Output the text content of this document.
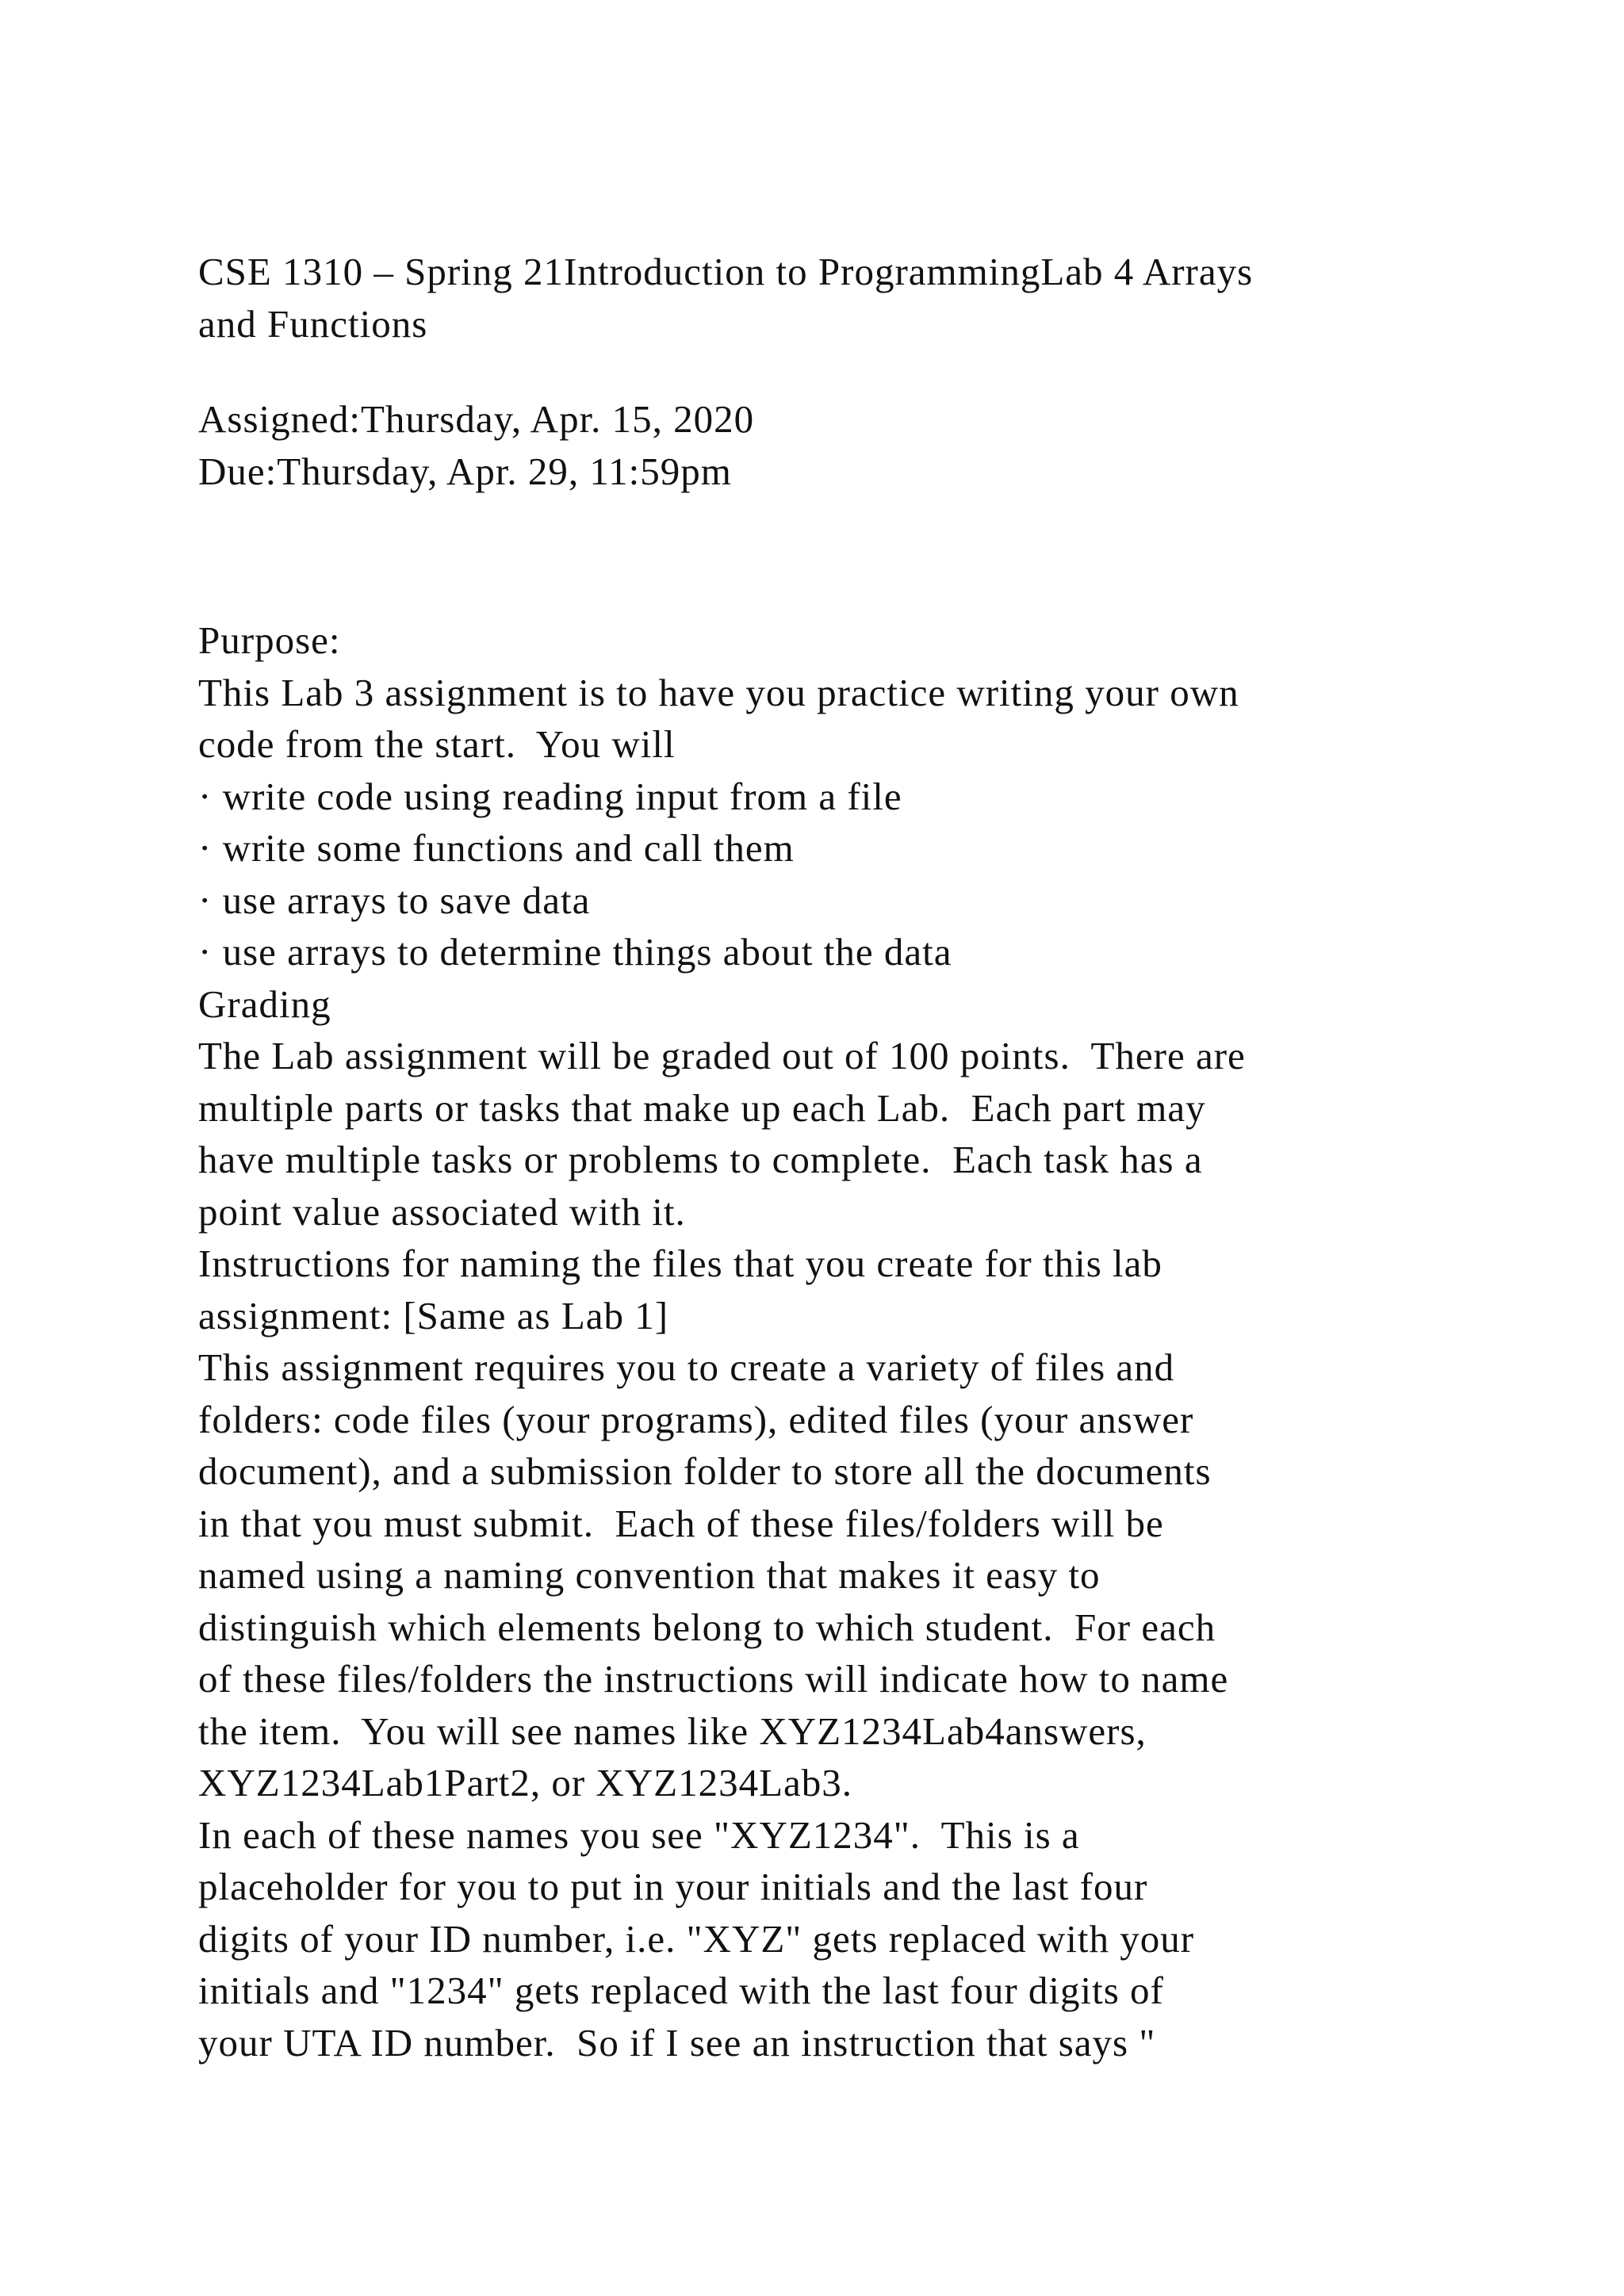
CSE 1310 – Spring 21Introduction to ProgrammingLab 4 Arrays
and Functions
Assigned:Thursday, Apr. 15, 2020
Due:Thursday, Apr. 29, 11:59pm
Purpose:
This Lab 3 assignment is to have you practice writing your own
code from the start.  You will
· write code using reading input from a file
· write some functions and call them
· use arrays to save data
· use arrays to determine things about the data
Grading
The Lab assignment will be graded out of 100 points.  There are
multiple parts or tasks that make up each Lab.  Each part may
have multiple tasks or problems to complete.  Each task has a
point value associated with it.
Instructions for naming the files that you create for this lab
assignment: [Same as Lab 1]
This assignment requires you to create a variety of files and
folders: code files (your programs), edited files (your answer
document), and a submission folder to store all the documents
in that you must submit.  Each of these files/folders will be
named using a naming convention that makes it easy to
distinguish which elements belong to which student.  For each
of these files/folders the instructions will indicate how to name
the item.  You will see names like XYZ1234Lab4answers,
XYZ1234Lab1Part2, or XYZ1234Lab3.
In each of these names you see "XYZ1234".  This is a
placeholder for you to put in your initials and the last four
digits of your ID number, i.e. "XYZ" gets replaced with your
initials and "1234" gets replaced with the last four digits of
your UTA ID number.  So if I see an instruction that says "
